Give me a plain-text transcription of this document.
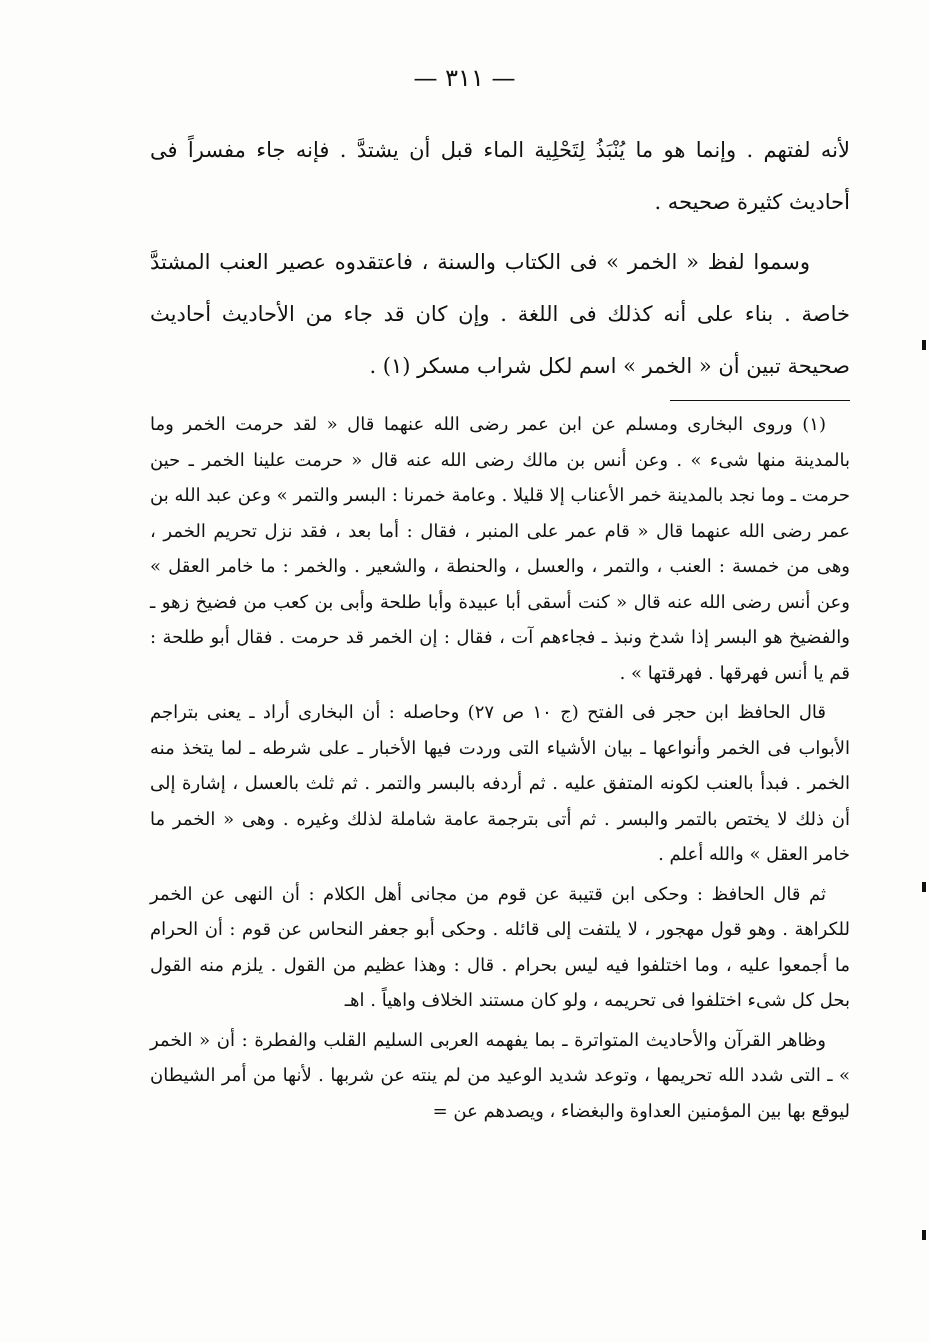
— ٣١١ —

لأنه لفتهم . وإنما هو ما يُنْبَذُ لِتَحْلِية الماء قبل أن يشتدَّ . فإنه جاء مفسراً فى أحاديث كثيرة صحيحه .

وسموا لفظ « الخمر » فى الكتاب والسنة ، فاعتقدوه عصير العنب المشتدَّ خاصة . بناء على أنه كذلك فى اللغة . وإن كان قد جاء من الأحاديث أحاديث صحيحة تبين أن « الخمر » اسم لكل شراب مسكر (١) .

(١) وروى البخارى ومسلم عن ابن عمر رضى الله عنهما قال « لقد حرمت الخمر وما بالمدينة منها شىء » . وعن أنس بن مالك رضى الله عنه قال « حرمت علينا الخمر ـ حين حرمت ـ وما نجد بالمدينة خمر الأعناب إلا قليلا . وعامة خمرنا : البسر والتمر » وعن عبد الله بن عمر رضى الله عنهما قال « قام عمر على المنبر ، فقال : أما بعد ، فقد نزل تحريم الخمر ، وهى من خمسة : العنب ، والتمر ، والعسل ، والحنطة ، والشعير . والخمر : ما خامر العقل » وعن أنس رضى الله عنه قال « كنت أسقى أبا عبيدة وأبا طلحة وأبى بن كعب من فضيخ زهو ـ والفضيخ هو البسر إذا شدخ ونبذ ـ فجاءهم آت ، فقال : إن الخمر قد حرمت . فقال أبو طلحة : قم يا أنس فهرقها . فهرقتها » .

قال الحافظ ابن حجر فى الفتح (ج ١٠ ص ٢٧) وحاصله : أن البخارى أراد ـ يعنى بتراجم الأبواب فى الخمر وأنواعها ـ بيان الأشياء التى وردت فيها الأخبار ـ على شرطه ـ لما يتخذ منه الخمر . فبدأ بالعنب لكونه المتفق عليه . ثم أردفه بالبسر والتمر . ثم ثلث بالعسل ، إشارة إلى أن ذلك لا يختص بالتمر والبسر . ثم أتى بترجمة عامة شاملة لذلك وغيره . وهى « الخمر ما خامر العقل » والله أعلم .

ثم قال الحافظ : وحكى ابن قتيبة عن قوم من مجانى أهل الكلام : أن النهى عن الخمر للكراهة . وهو قول مهجور ، لا يلتفت إلى قائله . وحكى أبو جعفر النحاس عن قوم : أن الحرام ما أجمعوا عليه ، وما اختلفوا فيه ليس بحرام . قال : وهذا عظيم من القول . يلزم منه القول بحل كل شىء اختلفوا فى تحريمه ، ولو كان مستند الخلاف واهياً . اهـ

وظاهر القرآن والأحاديث المتواترة ـ بما يفهمه العربى السليم القلب والفطرة : أن « الخمر » ـ التى شدد الله تحريمها ، وتوعد شديد الوعيد من لم ينته عن شربها . لأنها من أمر الشيطان ليوقع بها بين المؤمنين العداوة والبغضاء ، ويصدهم عن =
